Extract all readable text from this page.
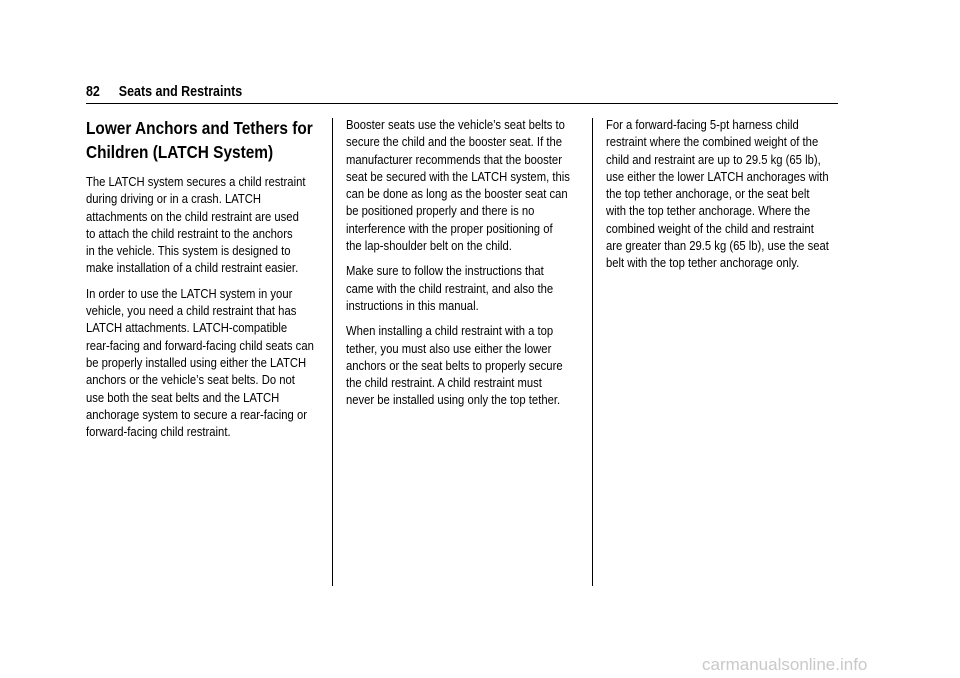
82 Seats and Restraints
Lower Anchors and Tethers for
Children (LATCH System)

The LATCH system secures a child restraint
during driving or in a crash. LATCH
attachments on the child restraint are used
to attach the child restraint to the anchors
in the vehicle. This system is designed to
make installation of a child restraint easier.

In order to use the LATCH system in your
vehicle, you need a child restraint that has
LATCH attachments. LATCH-compatible
rear-facing and forward-facing child seats can
be properly installed using either the LATCH
anchors or the vehicle’s seat belts. Do not
use both the seat belts and the LATCH
anchorage system to secure a rear-facing or
forward-facing child restraint.

Booster seats use the vehicle’s seat belts to
secure the child and the booster seat. If the
manufacturer recommends that the booster
seat be secured with the LATCH system, this
can be done as long as the booster seat can
be positioned properly and there is no
interference with the proper positioning of
the lap-shoulder belt on the child.

Make sure to follow the instructions that
came with the child restraint, and also the
instructions in this manual.

When installing a child restraint with a top
tether, you must also use either the lower
anchors or the seat belts to properly secure
the child restraint. A child restraint must
never be installed using only the top tether.

For a forward-facing 5-pt harness child
restraint where the combined weight of the
child and restraint are up to 29.5 kg (65 lb),
use either the lower LATCH anchorages with
the top tether anchorage, or the seat belt
with the top tether anchorage. Where the
combined weight of the child and restraint
are greater than 29.5 kg (65 lb), use the seat
belt with the top tether anchorage only.

carmanualsonline.info
